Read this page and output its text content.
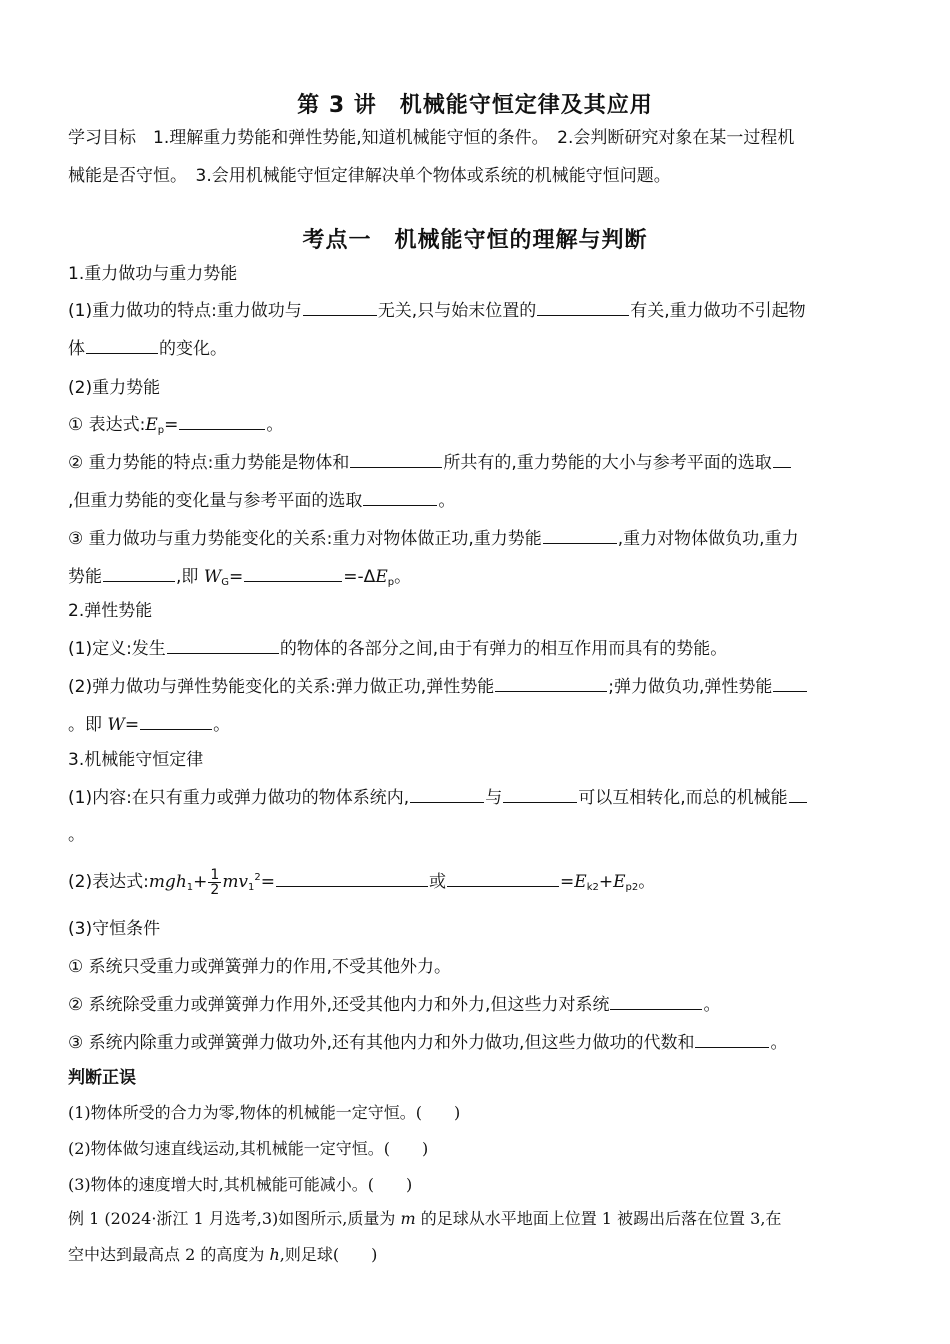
第 3 讲　机械能守恒定律及其应用
学习目标　1.理解重力势能和弹性势能,知道机械能守恒的条件。　2.会判断研究对象在某一过程机
械能是否守恒。　3.会用机械能守恒定律解决单个物体或系统的机械能守恒问题。
考点一　机械能守恒的理解与判断
1.重力做功与重力势能
(1)重力做功的特点:重力做功与	无关,只与始末位置的	有关,重力做功不引起物
体	的变化。
(2)重力势能
① 表达式$:E_p=$	。
② 重力势能的特点:重力势能是物体和	所共有的,重力势能的大小与参考平面的选取
,但重力势能的变化量与参考平面的选取	。
③ 重力做功与重力势能变化的关系:重力对物体做正功,重力势能	,重力对物体做负功,重力
势能	,即 $W_G=$	$=-\Delta E_p$。
2.弹性势能
(1)定义:发生	的物体的各部分之间,由于有弹力的相互作用而具有的势能。
(2)弹力做功与弹性势能变化的关系:弹力做正功,弹性势能	;弹力做负功,弹性势能
。即 W=	。
3.机械能守恒定律
(1)内容:在只有重力或弹力做功的物体系统内,	与	可以互相转化,而总的机械能
。
(2)表达式:mgh$_1$+ $\frac{1}{2} mv_1^2=$	或	$=E_{k2}+E_{p2}$。
(3)守恒条件
① 系统只受重力或弹簧弹力的作用,不受其他外力。
② 系统除受重力或弹簧弹力作用外,还受其他内力和外力,但这些力对系统	。
③ 系统内除重力或弹簧弹力做功外,还有其他内力和外力做功,但这些力做功的代数和	。
判断正误
(1)物体所受的合力为零,物体的机械能一定守恒。(　　)
(2)物体做匀速直线运动,其机械能一定守恒。(　　)
(3)物体的速度增大时,其机械能可能减小。(　　)
例 1 (2024·浙江 1 月选考,3)如图所示,质量为 m 的足球从水平地面上位置 1 被踢出后落在位置 3,在
空中达到最高点 2 的高度为 h,则足球(　　)
